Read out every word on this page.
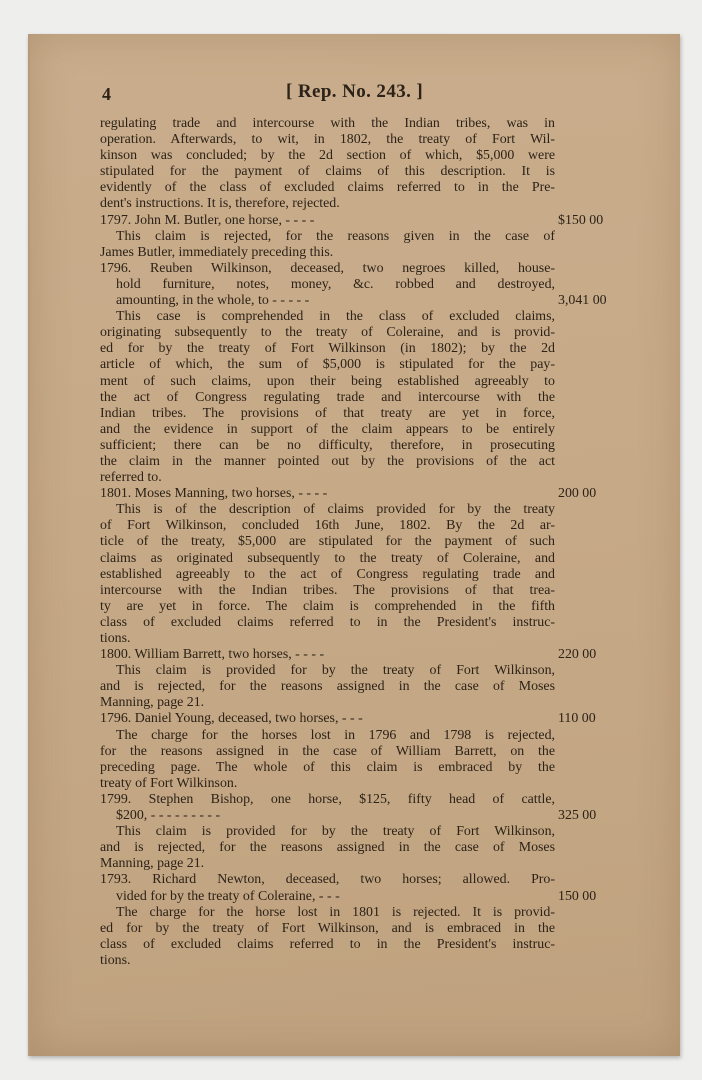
4	[ Rep. No. 243. ]
regulating trade and intercourse with the Indian tribes, was in
operation. Afterwards, to wit, in 1802, the treaty of Fort Wil-
kinson was concluded; by the 2d section of which, $5,000 were
stipulated for the payment of claims of this description. It is
evidently of the class of excluded claims referred to in the Pre-
dent's instructions. It is, therefore, rejected.
1797. John M. Butler, one horse, - - - -	$150 00
This claim is rejected, for the reasons given in the case of
James Butler, immediately preceding this.
1796. Reuben Wilkinson, deceased, two negroes killed, house-
hold furniture, notes, money, &c. robbed and destroyed,
amounting, in the whole, to - - - - -	3,041 00
This case is comprehended in the class of excluded claims,
originating subsequently to the treaty of Coleraine, and is provid-
ed for by the treaty of Fort Wilkinson (in 1802); by the 2d
article of which, the sum of $5,000 is stipulated for the pay-
ment of such claims, upon their being established agreeably to
the act of Congress regulating trade and intercourse with the
Indian tribes. The provisions of that treaty are yet in force,
and the evidence in support of the claim appears to be entirely
sufficient; there can be no difficulty, therefore, in prosecuting
the claim in the manner pointed out by the provisions of the act
referred to.
1801. Moses Manning, two horses, - - - -	200 00
This is of the description of claims provided for by the treaty
of Fort Wilkinson, concluded 16th June, 1802. By the 2d ar-
ticle of the treaty, $5,000 are stipulated for the payment of such
claims as originated subsequently to the treaty of Coleraine, and
established agreeably to the act of Congress regulating trade and
intercourse with the Indian tribes. The provisions of that trea-
ty are yet in force. The claim is comprehended in the fifth
class of excluded claims referred to in the President's instruc-
tions.
1800. William Barrett, two horses, - - - -	220 00
This claim is provided for by the treaty of Fort Wilkinson,
and is rejected, for the reasons assigned in the case of Moses
Manning, page 21.
1796. Daniel Young, deceased, two horses, - - -	110 00
The charge for the horses lost in 1796 and 1798 is rejected,
for the reasons assigned in the case of William Barrett, on the
preceding page. The whole of this claim is embraced by the
treaty of Fort Wilkinson.
1799. Stephen Bishop, one horse, $125, fifty head of cattle,
$200, - - - - - - - - -	325 00
This claim is provided for by the treaty of Fort Wilkinson,
and is rejected, for the reasons assigned in the case of Moses
Manning, page 21.
1793. Richard Newton, deceased, two horses; allowed. Pro-
vided for by the treaty of Coleraine, - - -	150 00
The charge for the horse lost in 1801 is rejected. It is provid-
ed for by the treaty of Fort Wilkinson, and is embraced in the
class of excluded claims referred to in the President's instruc-
tions.
